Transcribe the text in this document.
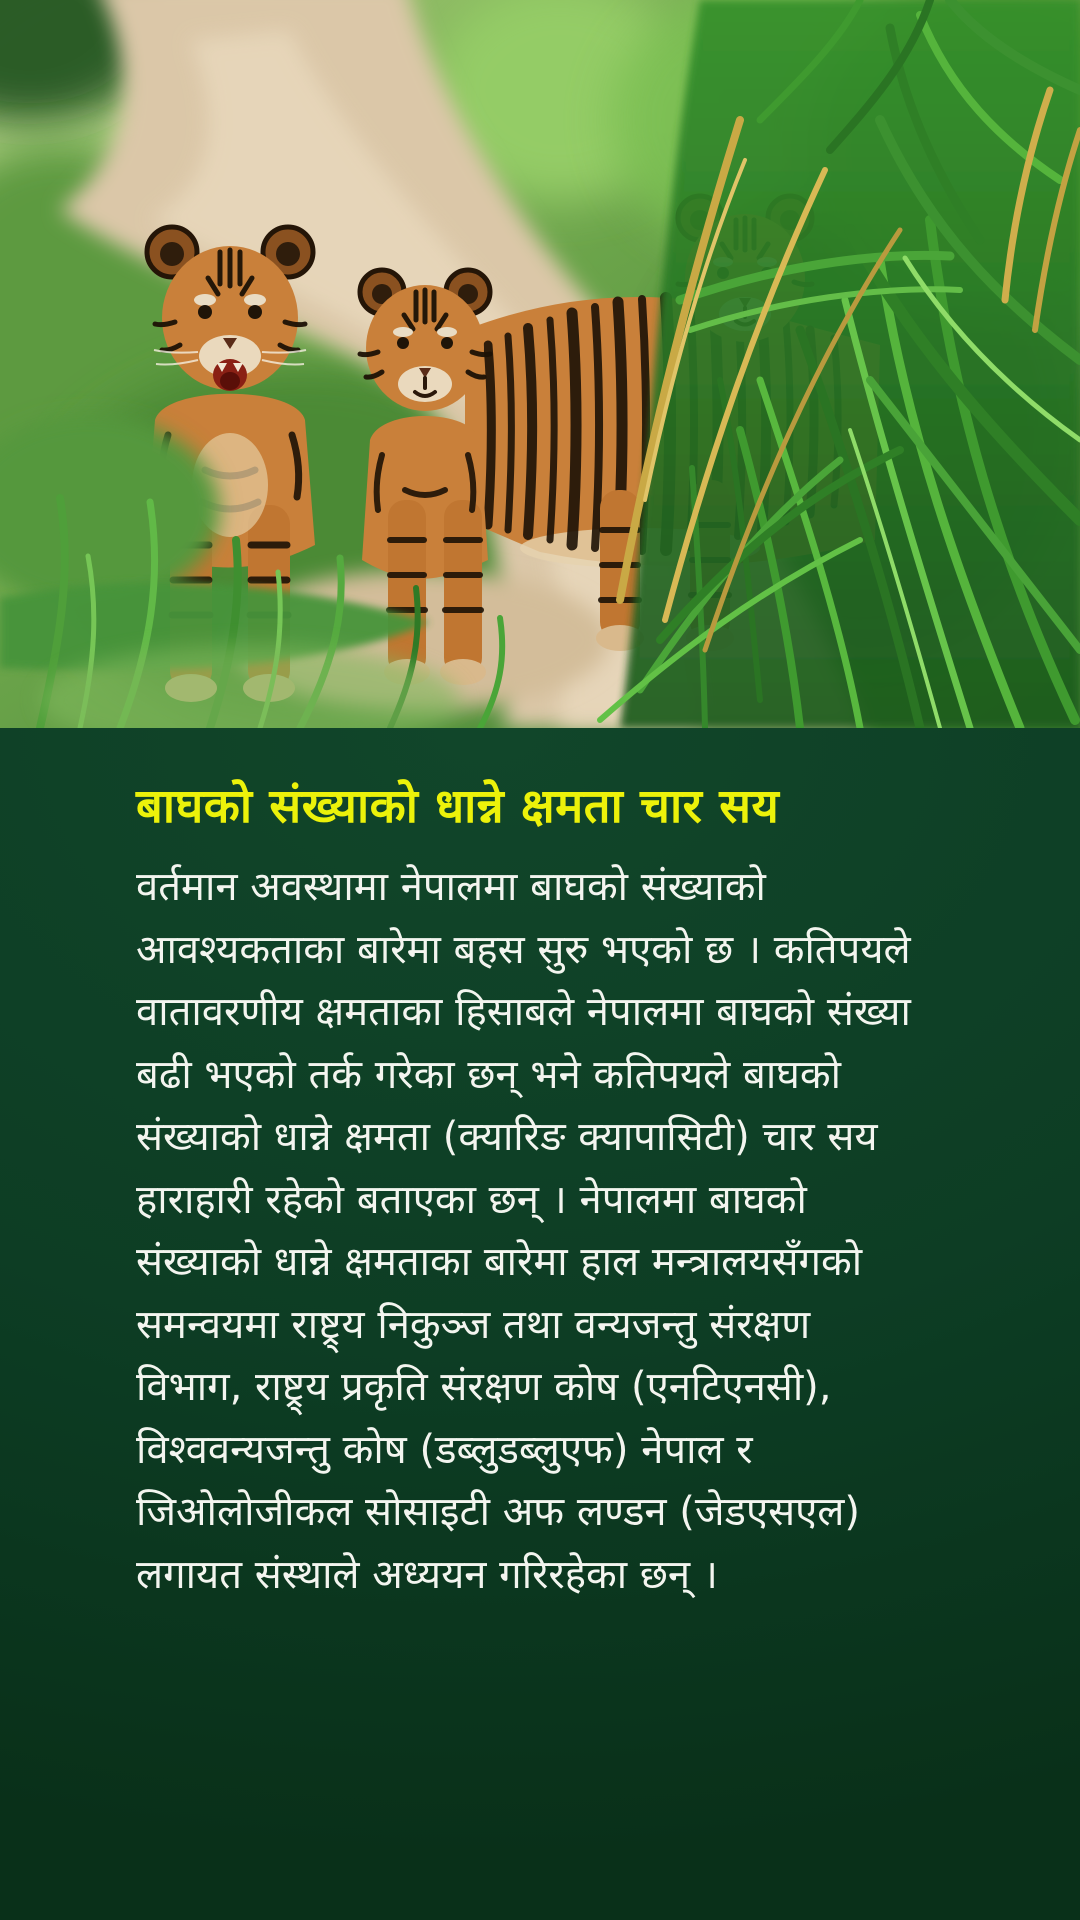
बाघको संख्याको धान्ने क्षमता चार सय
वर्तमान अवस्थामा नेपालमा बाघको संख्याको
आवश्यकताका बारेमा बहस सुरु भएको छ । कतिपयले
वातावरणीय क्षमताका हिसाबले नेपालमा बाघको संख्या
बढी भएको तर्क गरेका छन् भने कतिपयले बाघको
संख्याको धान्ने क्षमता (क्यारिङ क्यापासिटी) चार सय
हाराहारी रहेको बताएका छन् । नेपालमा बाघको
संख्याको धान्ने क्षमताका बारेमा हाल मन्त्रालयसँगको
समन्वयमा राष्ट्र्य निकुञ्ज तथा वन्यजन्तु संरक्षण
विभाग, राष्ट्र्य प्रकृति संरक्षण कोष (एनटिएनसी),
विश्ववन्यजन्तु कोष (डब्लुडब्लुएफ) नेपाल र
जिओलोजीकल सोसाइटी अफ लण्डन (जेडएसएल)
लगायत संस्थाले अध्ययन गरिरहेका छन् ।
